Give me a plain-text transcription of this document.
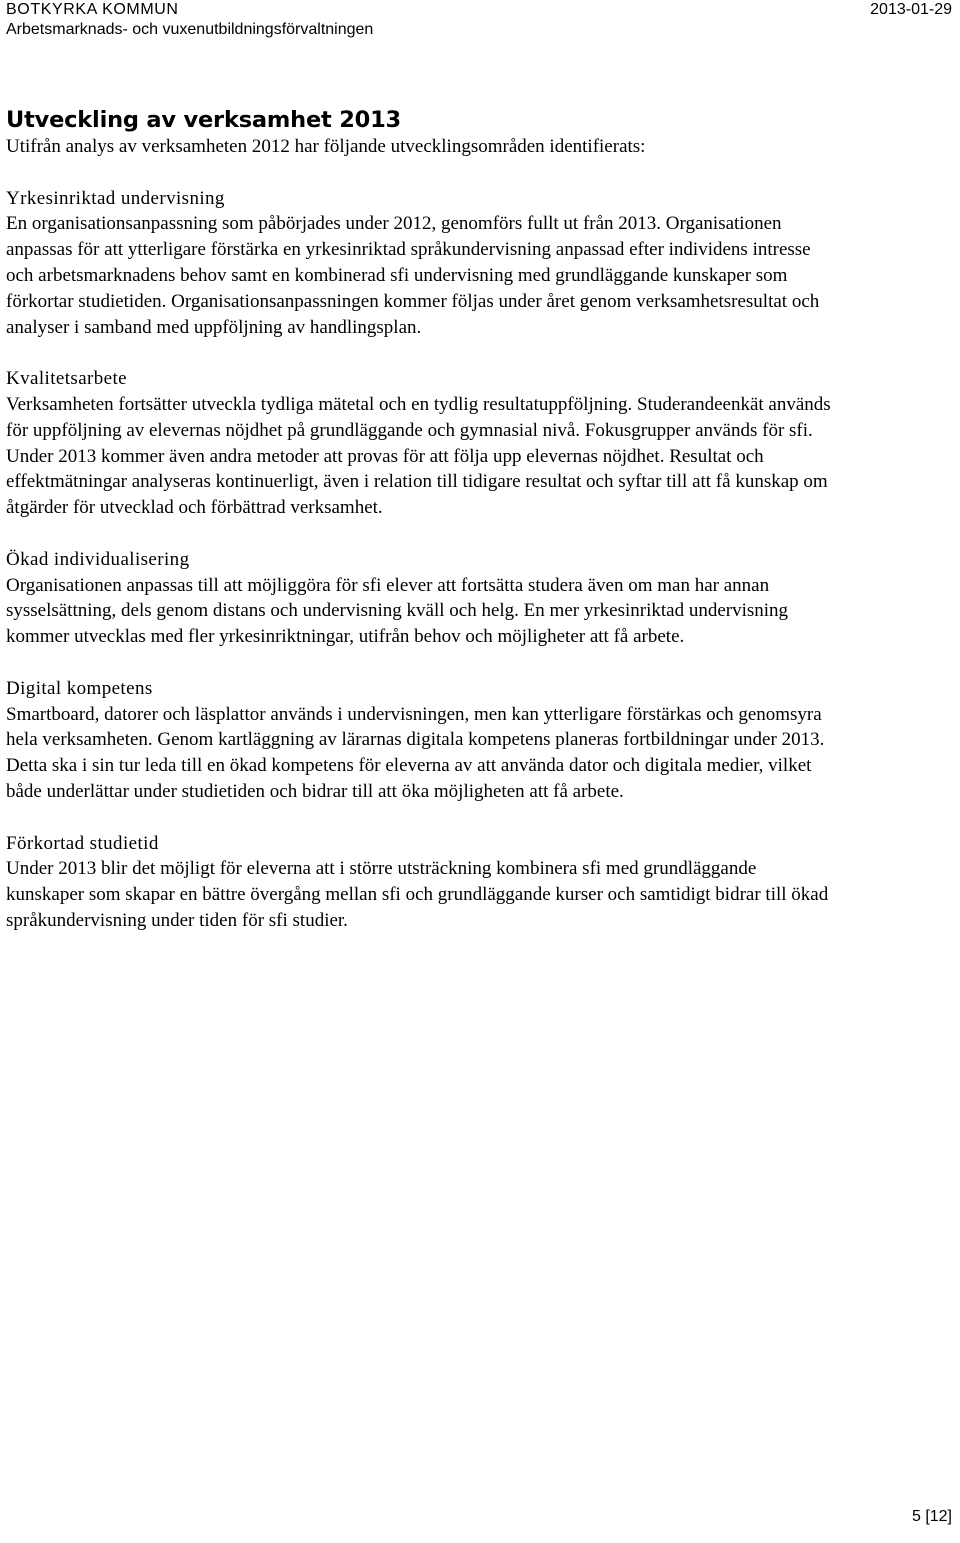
BOTKYRKA KOMMUN	2013-01-29
Arbetsmarknads- och vuxenutbildningsförvaltningen
Utveckling av verksamhet 2013

Utifrån analys av verksamheten 2012 har följande utvecklingsområden identifierats:

Yrkesinriktad undervisning

En organisationsanpassning som påbörjades under 2012, genomförs fullt ut från 2013. Organisationen anpassas för att ytterligare förstärka en yrkesinriktad språkundervisning anpassad efter individens intresse och arbetsmarknadens behov samt en kombinerad sfi undervisning med grundläggande kunskaper som förkortar studietiden. Organisationsanpassningen kommer följas under året genom verksamhetsresultat och analyser i samband med uppföljning av handlingsplan.

Kvalitetsarbete

Verksamheten fortsätter utveckla tydliga mätetal och en tydlig resultatuppföljning. Studerandeenkät används för uppföljning av elevernas nöjdhet på grundläggande och gymnasial nivå. Fokusgrupper används för sfi. Under 2013 kommer även andra metoder att provas för att följa upp elevernas nöjdhet. Resultat och effektmätningar analyseras kontinuerligt, även i relation till tidigare resultat och syftar till att få kunskap om åtgärder för utvecklad och förbättrad verksamhet.

Ökad individualisering

Organisationen anpassas till att möjliggöra för sfi elever att fortsätta studera även om man har annan sysselsättning, dels genom distans och undervisning kväll och helg. En mer yrkesinriktad undervisning kommer utvecklas med fler yrkesinriktningar, utifrån behov och möjligheter att få arbete.

Digital kompetens

Smartboard, datorer och läsplattor används i undervisningen, men kan ytterligare förstärkas och genomsyra hela verksamheten. Genom kartläggning av lärarnas digitala kompetens planeras fortbildningar under 2013. Detta ska i sin tur leda till en ökad kompetens för eleverna av att använda dator och digitala medier, vilket både underlättar under studietiden och bidrar till att öka möjligheten att få arbete.

Förkortad studietid

Under 2013 blir det möjligt för eleverna att i större utsträckning kombinera sfi med grundläggande kunskaper som skapar en bättre övergång mellan sfi och grundläggande kurser och samtidigt bidrar till ökad språkundervisning under tiden för sfi studier.

5 [12]
